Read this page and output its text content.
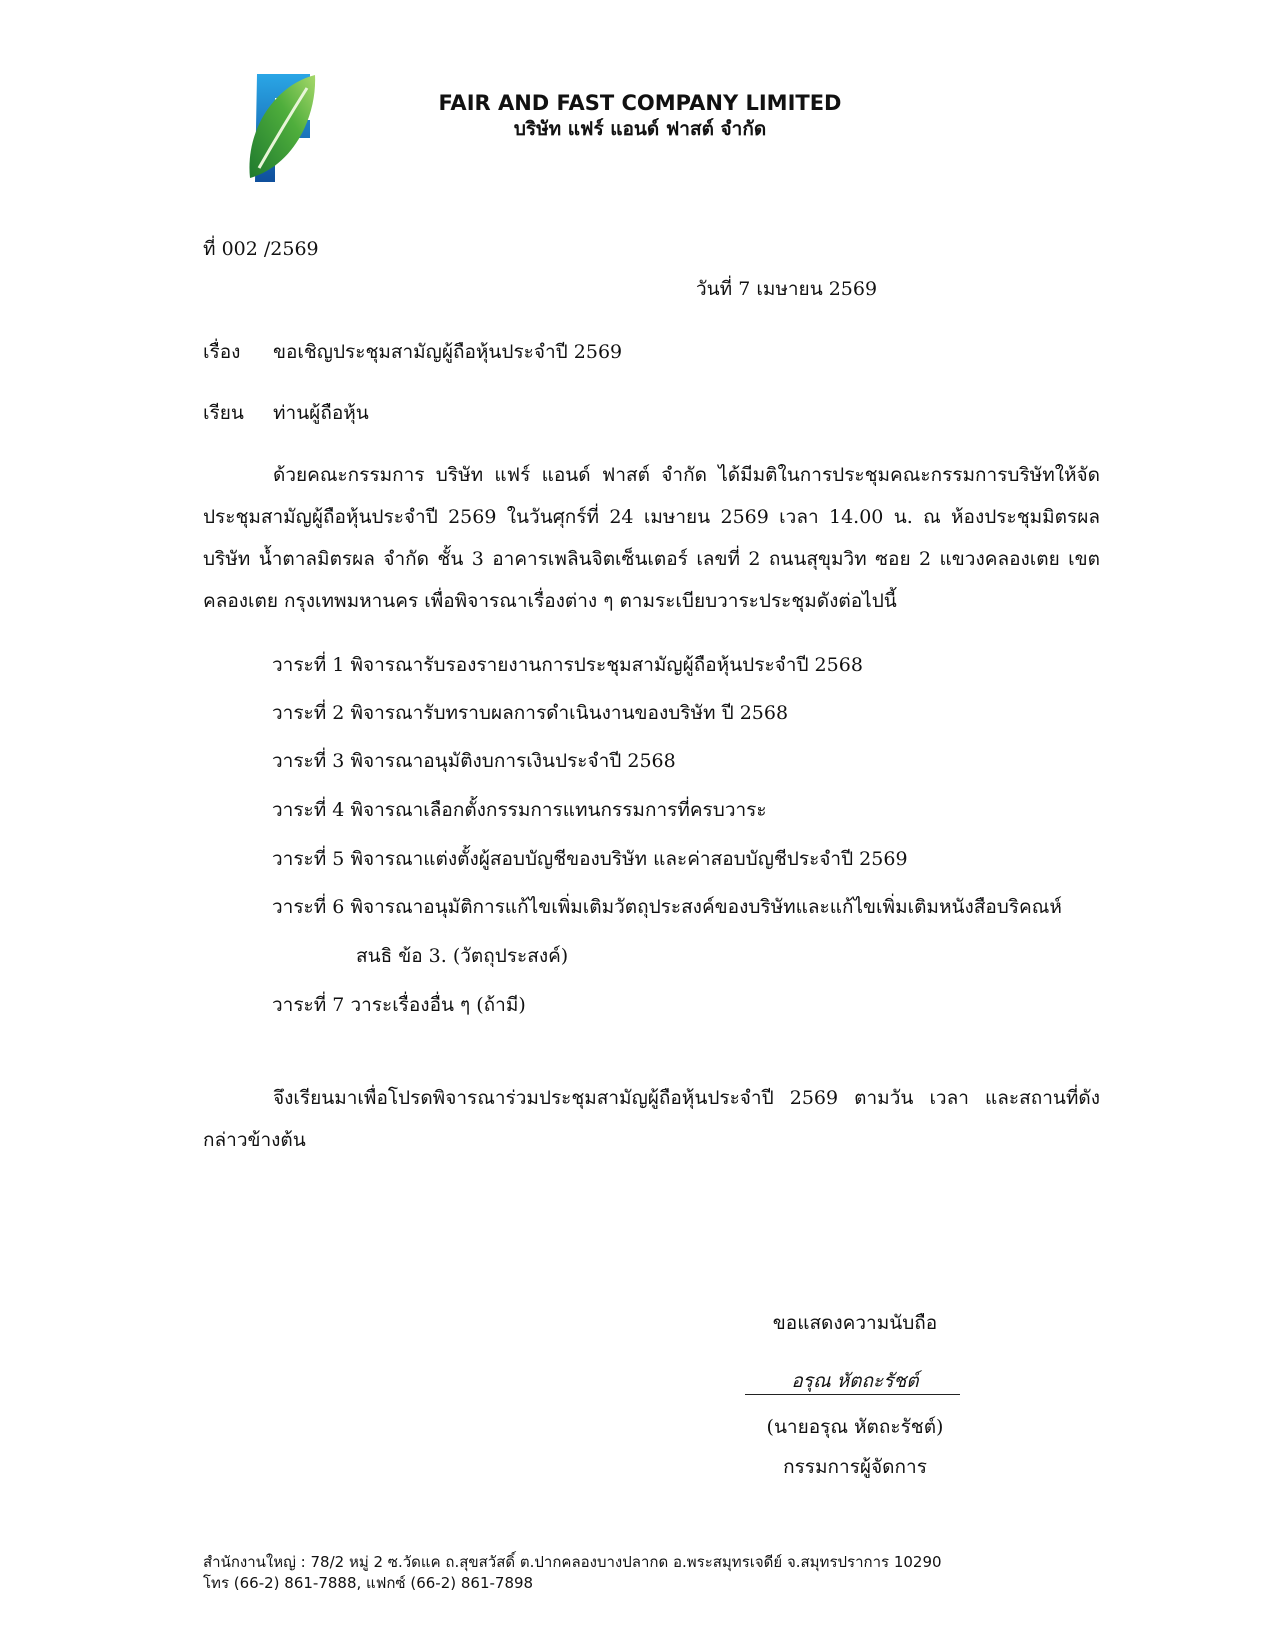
FAIR AND FAST COMPANY LIMITED
บริษัท แฟร์ แอนด์ ฟาสต์ จำกัด
ที่ 002 /2569
วันที่ 7 เมษายน 2569
เรื่อง ขอเชิญประชุมสามัญผู้ถือหุ้นประจำปี 2569
เรียน ท่านผู้ถือหุ้น
ด้วยคณะกรรมการ บริษัท แฟร์ แอนด์ ฟาสต์ จำกัด ได้มีมติในการประชุมคณะกรรมการบริษัทให้จัดประชุมสามัญผู้ถือหุ้นประจำปี 2569 ในวันศุกร์ที่ 24 เมษายน 2569 เวลา 14.00 น. ณ ห้องประชุมมิตรผล บริษัท น้ำตาลมิตรผล จำกัด ชั้น 3 อาคารเพลินจิตเซ็นเตอร์ เลขที่ 2 ถนนสุขุมวิท ซอย 2 แขวงคลองเตย เขตคลองเตย กรุงเทพมหานคร เพื่อพิจารณาเรื่องต่าง ๆ ตามระเบียบวาระประชุมดังต่อไปนี้
วาระที่ 1 พิจารณารับรองรายงานการประชุมสามัญผู้ถือหุ้นประจำปี 2568
วาระที่ 2 พิจารณารับทราบผลการดำเนินงานของบริษัท ปี 2568
วาระที่ 3 พิจารณาอนุมัติงบการเงินประจำปี 2568
วาระที่ 4 พิจารณาเลือกตั้งกรรมการแทนกรรมการที่ครบวาระ
วาระที่ 5 พิจารณาแต่งตั้งผู้สอบบัญชีของบริษัท และค่าสอบบัญชีประจำปี 2569
วาระที่ 6 พิจารณาอนุมัติการแก้ไขเพิ่มเติมวัตถุประสงค์ของบริษัทและแก้ไขเพิ่มเติมหนังสือบริคณห์
สนธิ ข้อ 3. (วัตถุประสงค์)
วาระที่ 7 วาระเรื่องอื่น ๆ (ถ้ามี)
จึงเรียนมาเพื่อโปรดพิจารณาร่วมประชุมสามัญผู้ถือหุ้นประจำปี 2569 ตามวัน เวลา และสถานที่ดังกล่าวข้างต้น
ขอแสดงความนับถือ
อรุณ หัตถะรัชต์
(นายอรุณ หัตถะรัชต์)
กรรมการผู้จัดการ
สำนักงานใหญ่ : 78/2 หมู่ 2 ซ.วัดแค ถ.สุขสวัสดิ์ ต.ปากคลองบางปลากด อ.พระสมุทรเจดีย์ จ.สมุทรปราการ 10290
โทร (66-2) 861-7888, แฟกซ์ (66-2) 861-7898
